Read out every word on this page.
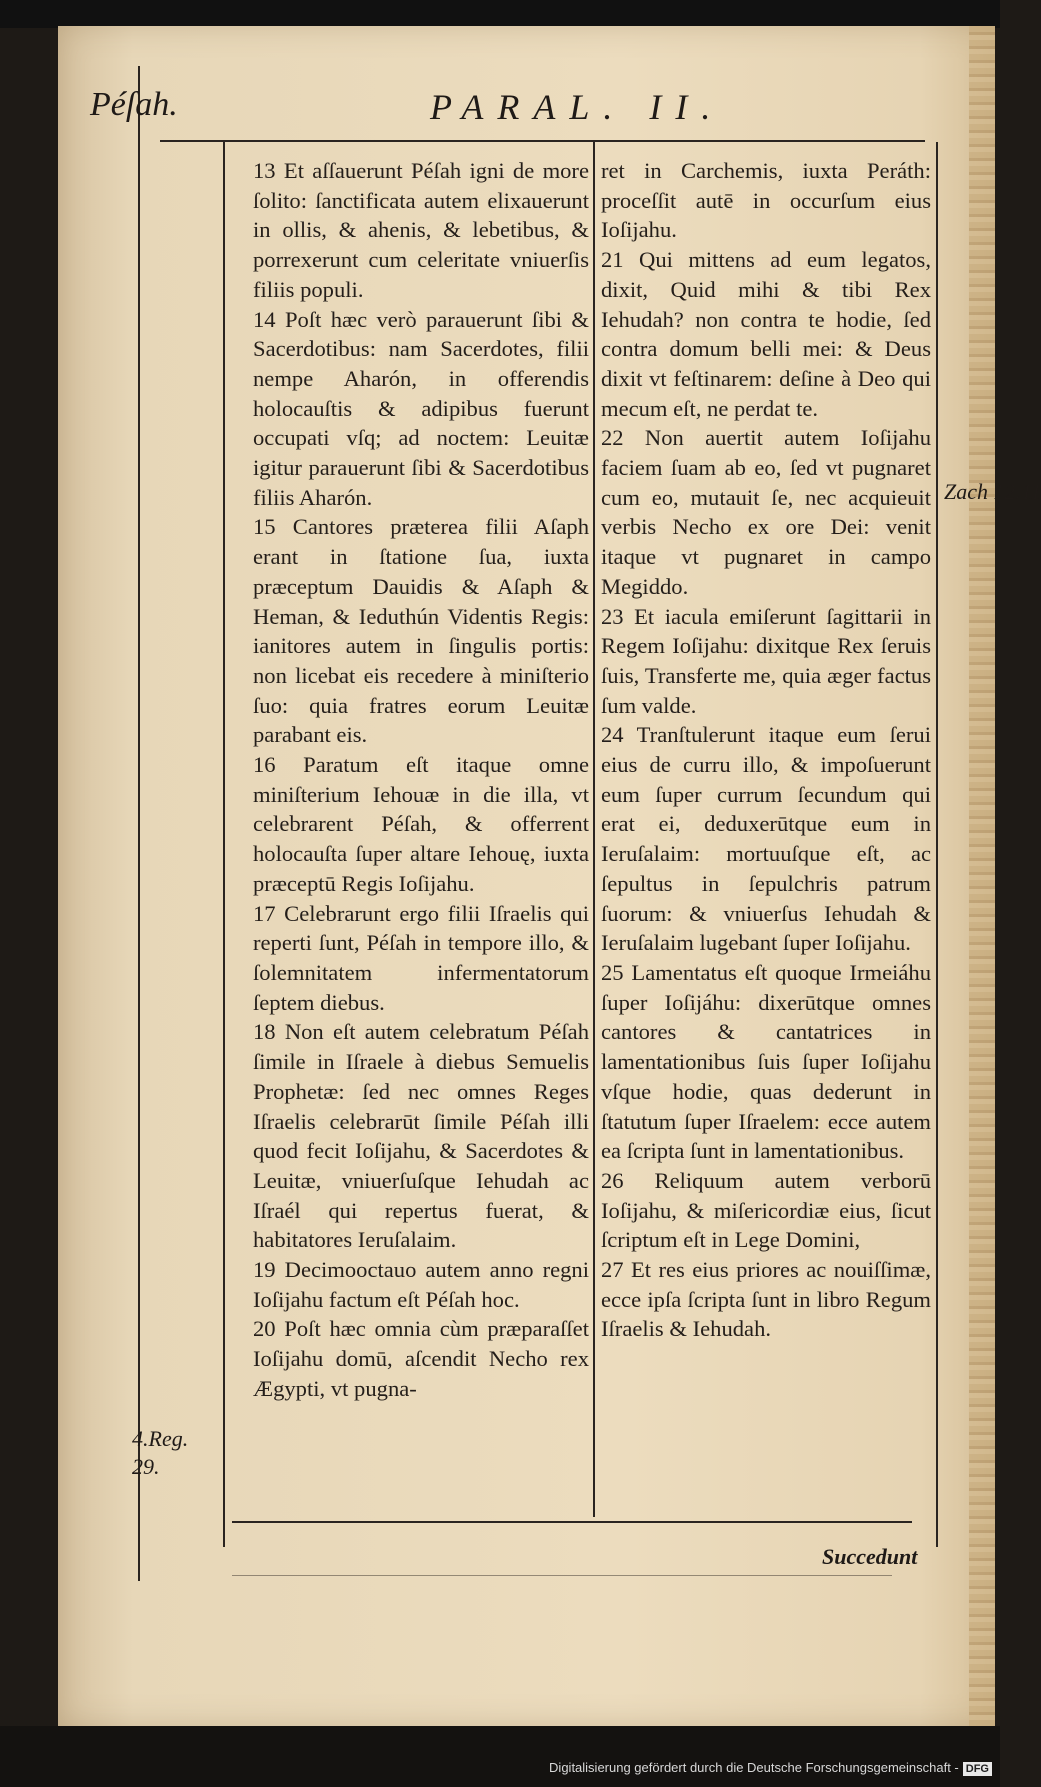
Péſah.	PARAL. II.

13 Et aſſauerunt Péſah igni de more ſolito: ſanctificata autem elixauerunt in ollis, & ahenis, & lebetibus, & porrexerunt cum celeritate vniuerſis filiis populi.

14 Poſt hæc verò parauerunt ſibi & Sacerdotibus: nam Sacerdotes, filii nempe Aharón, in offerendis holocauſtis & adipibus fuerunt occupati vſq; ad noctem: Leuitæ igitur parauerunt ſibi & Sacerdotibus filiis Aharón.

15 Cantores præterea filii Aſaph erant in ſtatione ſua, iuxta præceptum Dauidis & Aſaph & Heman, & Ieduthún Videntis Regis: ianitores autem in ſingulis portis: non licebat eis recedere à miniſterio ſuo: quia fratres eorum Leuitæ parabant eis.

16 Paratum eſt itaque omne miniſterium Iehouæ in die illa, vt celebrarent Péſah, & offerrent holocauſta ſuper altare Iehouę, iuxta præceptū Regis Ioſijahu.

17 Celebrarunt ergo filii Iſraelis qui reperti ſunt, Péſah in tempore illo, & ſolemnitatem infermentatorum ſeptem diebus.

18 Non eſt autem celebratum Péſah ſimile in Iſraele à diebus Semuelis Prophetæ: ſed nec omnes Reges Iſraelis celebrarūt ſimile Péſah illi quod fecit Ioſijahu, & Sacerdotes & Leuitæ, vniuerſuſque Iehudah ac Iſraél qui repertus fuerat, & habitatores Ieruſalaim.

19 Decimooctauo autem anno regni Ioſijahu factum eſt Péſah hoc.

20 Poſt hæc omnia cùm præparaſſet Ioſijahu domū, aſcendit Necho rex Ægypti, vt pugna-

ret in Carchemis, iuxta Peráth: proceſſit autē in occurſum eius Ioſijahu.

21 Qui mittens ad eum legatos, dixit, Quid mihi & tibi Rex Iehudah? non contra te hodie, ſed contra domum belli mei: & Deus dixit vt feſtinarem: deſine à Deo qui mecum eſt, ne perdat te.

22 Non auertit autem Ioſijahu faciem ſuam ab eo, ſed vt pugnaret cum eo, mutauit ſe, nec acquieuit verbis Necho ex ore Dei: venit itaque vt pugnaret in campo Megiddo.

23 Et iacula emiſerunt ſagittarii in Regem Ioſijahu: dixitque Rex ſeruis ſuis, Transferte me, quia æger factus ſum valde.

24 Tranſtulerunt itaque eum ſerui eius de curru illo, & impoſuerunt eum ſuper currum ſecundum qui erat ei, deduxerūtque eum in Ieruſalaim: mortuuſque eſt, ac ſepultus in ſepulchris patrum ſuorum: & vniuerſus Iehudah & Ieruſalaim lugebant ſuper Ioſijahu.

25 Lamentatus eſt quoque Irmeiáhu ſuper Ioſijáhu: dixerūtque omnes cantores & cantatrices in lamentationibus ſuis ſuper Ioſijahu vſque hodie, quas dederunt in ſtatutum ſuper Iſraelem: ecce autem ea ſcripta ſunt in lamentationibus.

26 Reliquum autem verborū Ioſijahu, & miſericordiæ eius, ſicut ſcriptum eſt in Lege Domini,

27 Et res eius priores ac nouiſſimæ, ecce ipſa ſcripta ſunt in libro Regum Iſraelis & Iehudah.

4.Reg. 29.
Zach 12.11
Succedunt
Digitalisierung gefördert durch die Deutsche Forschungsgemeinschaft - DFG
